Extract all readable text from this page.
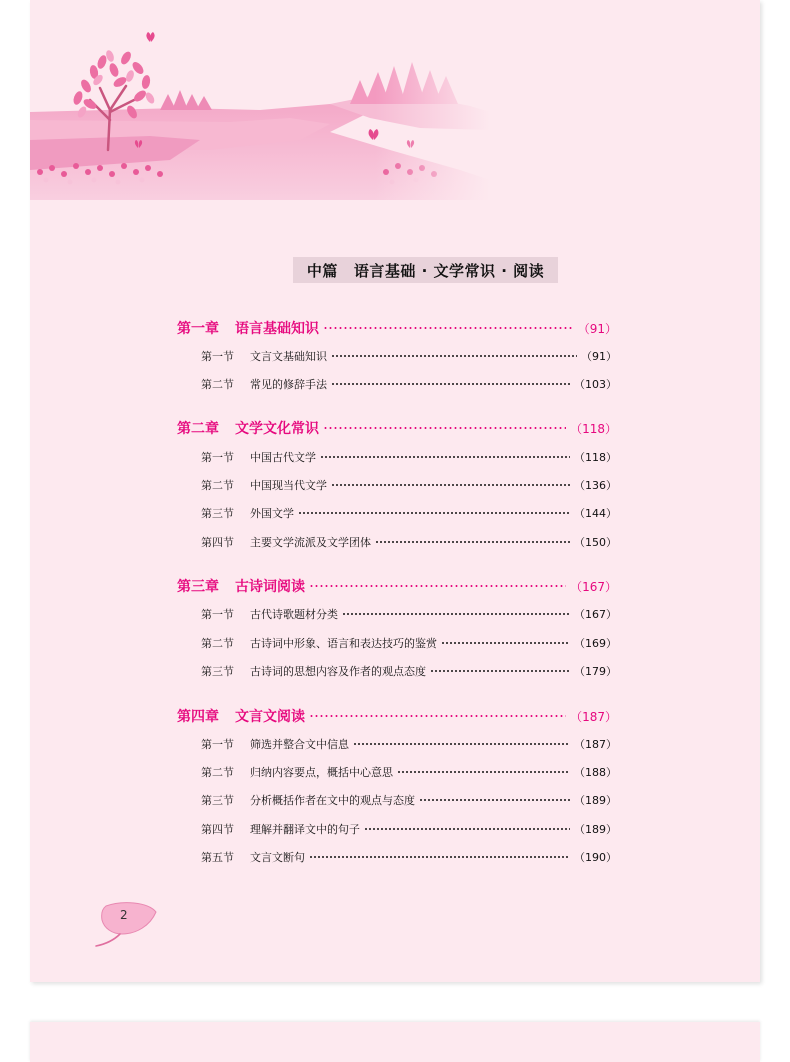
中篇 语言基础 · 文学常识 · 阅读
第一章 语言基础知识	（91）
第一节 文言文基础知识	（91）
第二节 常见的修辞手法	（103）
第二章 文学文化常识	（118）
第一节 中国古代文学	（118）
第二节 中国现当代文学	（136）
第三节 外国文学	（144）
第四节 主要文学流派及文学团体	（150）
第三章 古诗词阅读	（167）
第一节 古代诗歌题材分类	（167）
第二节 古诗词中形象、语言和表达技巧的鉴赏	（169）
第三节 古诗词的思想内容及作者的观点态度	（179）
第四章 文言文阅读	（187）
第一节 筛选并整合文中信息	（187）
第二节 归纳内容要点，概括中心意思	（188）
第三节 分析概括作者在文中的观点与态度	（189）
第四节 理解并翻译文中的句子	（189）
第五节 文言文断句	（190）
2
